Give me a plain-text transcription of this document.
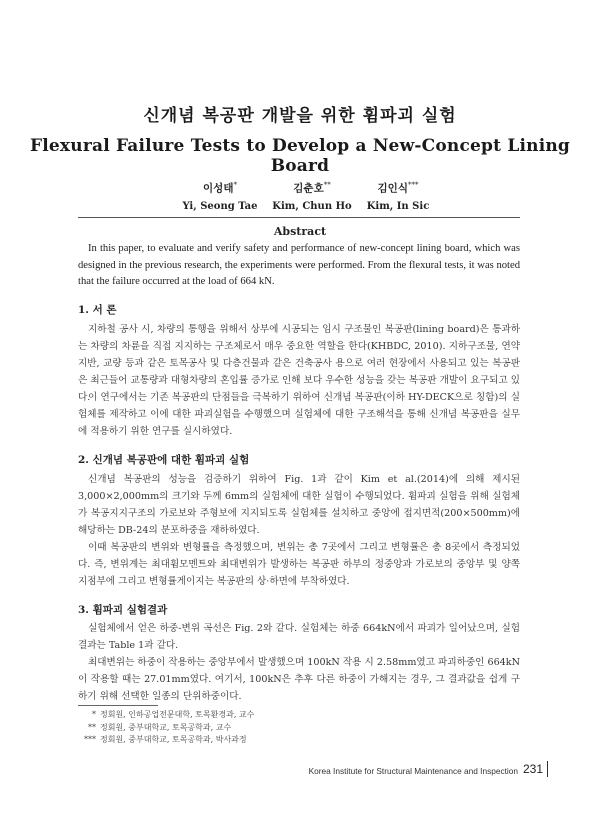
신개념 복공판 개발을 위한 휨파괴 실험
Flexural Failure Tests to Develop a New-Concept Lining Board
이성태*
Yi, Seong Tae
김춘호**
Kim, Chun Ho
김인식***
Kim, In Sic
Abstract

In this paper, to evaluate and verify safety and performance of new-concept lining board, which was designed in the previous research, the experiments were performed. From the flexural tests, it was noted that the failure occurred at the load of 664 kN.

1. 서 론

지하철 공사 시, 차량의 통행을 위해서 상부에 시공되는 임시 구조물인 복공판(lining board)은 통과하는 차량의 차륜을 직접 지지하는 구조체로서 매우 중요한 역할을 한다(KHBDC, 2010). 지하구조물, 연약지반, 교량 등과 같은 토목공사 및 다층건물과 같은 건축공사 용으로 여러 현장에서 사용되고 있는 복공판은 최근들어 교통량과 대형차량의 혼입률 증가로 인해 보다 우수한 성능을 갖는 복공판 개발이 요구되고 있다.

이 연구에서는 기존 복공판의 단점들을 극복하기 위하여 신개념 복공판(이하 HY-DECK으로 칭함)의 실험체를 제작하고 이에 대한 파괴실험을 수행했으며 실험체에 대한 구조해석을 통해 신개념 복공판을 실무에 적용하기 위한 연구를 실시하였다.

2. 신개념 복공판에 대한 휨파괴 실험

신개념 복공판의 성능을 검증하기 위하여 Fig. 1과 같이 Kim et al.(2014)에 의해 제시된 3,000×2,000mm의 크기와 두께 6mm의 실험체에 대한 실험이 수행되었다. 휨파괴 실험을 위해 실험체가 복공지지구조의 가로보와 주형보에 지지되도록 실험체를 설치하고 중앙에 접지면적(200×500mm)에 해당하는 DB-24의 분포하중을 재하하였다.

이때 복공판의 변위와 변형률을 측정했으며, 변위는 총 7곳에서 그리고 변형률은 총 8곳에서 측정되었다. 즉, 변위계는 최대휨모멘트와 최대변위가 발생하는 복공판 하부의 정중앙과 가로보의 중앙부 및 양쪽 지점부에 그리고 변형률게이지는 복공판의 상·하면에 부착하였다.

3. 휨파괴 실험결과

실험체에서 얻은 하중-변위 곡선은 Fig. 2와 같다. 실험체는 하중 664kN에서 파괴가 일어났으며, 실험결과는 Table 1과 같다.

최대변위는 하중이 작용하는 중앙부에서 발생했으며 100kN 작용 시 2.58mm였고 파괴하중인 664kN이 작용할 때는 27.01mm였다. 여기서, 100kN은 추후 다른 하중이 가해지는 경우, 그 결과값을 쉽게 구하기 위해 선택한 일종의 단위하중이다.

* 정회원, 인하공업전문대학, 토목환경과, 교수
** 정회원, 중부대학교, 토목공학과, 교수
*** 정회원, 중부대학교, 토목공학과, 박사과정
Korea Institute for Structural Maintenance and Inspection 231
